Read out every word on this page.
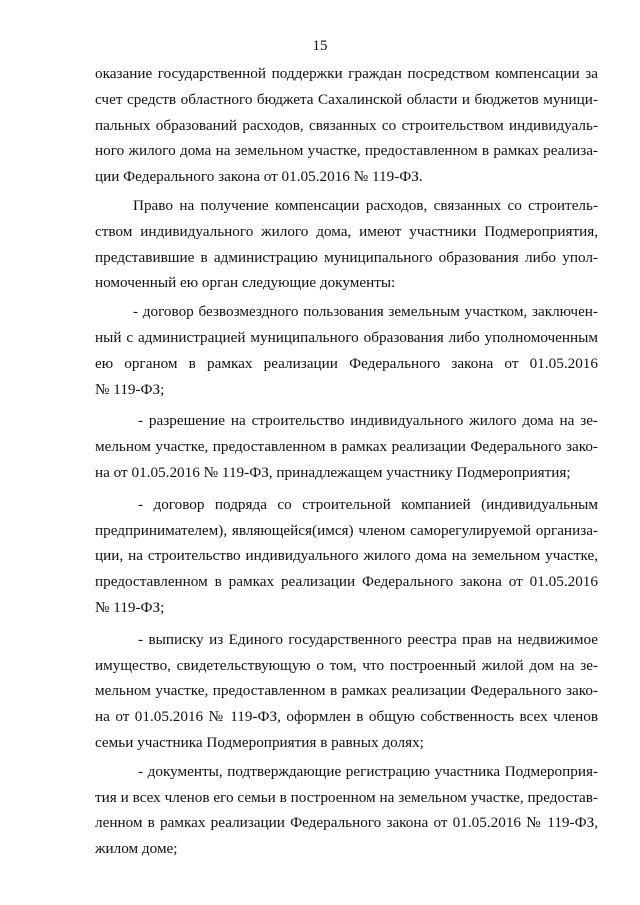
15
оказание государственной поддержки граждан посредством компенсации за
счет средств областного бюджета Сахалинской области и бюджетов муници-
пальных образований расходов, связанных со строительством индивидуаль-
ного жилого дома на земельном участке, предоставленном в рамках реализа-
ции Федерального закона от 01.05.2016 № 119-ФЗ.
Право на получение компенсации расходов, связанных со строитель-
ством индивидуального жилого дома, имеют участники Подмероприятия,
представившие в администрацию муниципального образования либо упол-
номоченный ею орган следующие документы:
- договор безвозмездного пользования земельным участком, заключен-
ный с администрацией муниципального образования либо уполномоченным
ею органом в рамках реализации Федерального закона от 01.05.2016
№ 119-ФЗ;
- разрешение на строительство индивидуального жилого дома на зе-
мельном участке, предоставленном в рамках реализации Федерального зако-
на от 01.05.2016 № 119-ФЗ, принадлежащем участнику Подмероприятия;
- договор подряда со строительной компанией (индивидуальным
предпринимателем), являющейся(имся) членом саморегулируемой организа-
ции, на строительство индивидуального жилого дома на земельном участке,
предоставленном в рамках реализации Федерального закона от 01.05.2016
№ 119-ФЗ;
- выписку из Единого государственного реестра прав на недвижимое
имущество, свидетельствующую о том, что построенный жилой дом на зе-
мельном участке, предоставленном в рамках реализации Федерального зако-
на от 01.05.2016 № 119-ФЗ, оформлен в общую собственность всех членов
семьи участника Подмероприятия в равных долях;
- документы, подтверждающие регистрацию участника Подмероприя-
тия и всех членов его семьи в построенном на земельном участке, предостав-
ленном в рамках реализации Федерального закона от 01.05.2016 № 119-ФЗ,
жилом доме;
